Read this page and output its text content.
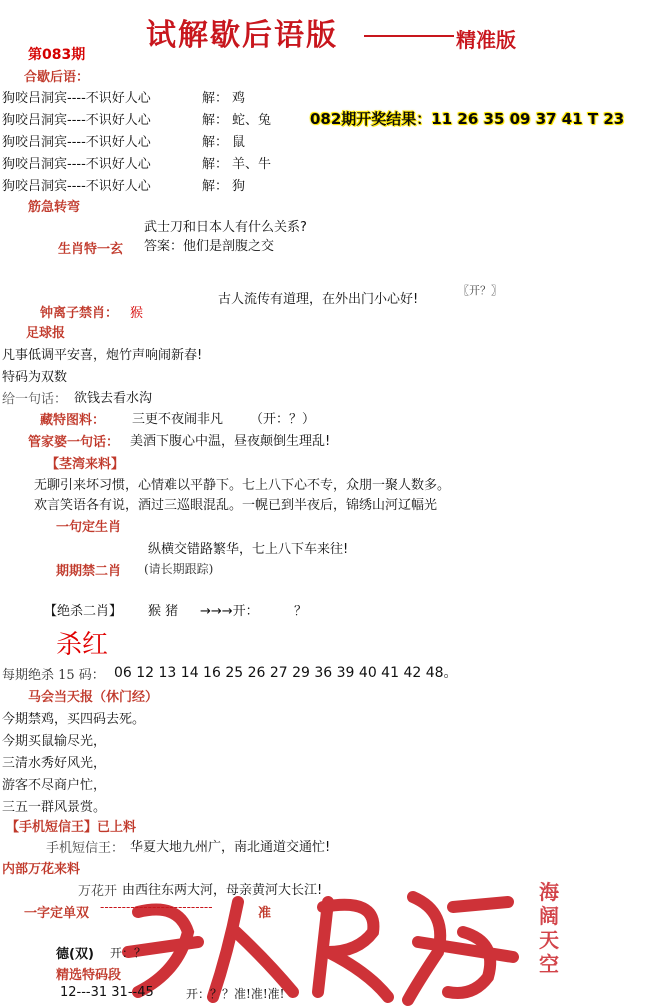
试解歇后语版	精准版
第083期
合歇后语：
狗咬吕洞宾----不识好人心	解： 鸡
狗咬吕洞宾----不识好人心	解： 蛇、兔
狗咬吕洞宾----不识好人心	解： 鼠
狗咬吕洞宾----不识好人心	解： 羊、牛
狗咬吕洞宾----不识好人心	解： 狗
082期开奖结果：11 26 35 09 37 41 T 23
筋急转弯
武士刀和日本人有什么关系?
生肖特一玄 答案：他们是剖腹之交
古人流传有道理，在外出门小心好!
〖开？〗
钟离子禁肖： 猴
足球报
凡事低调平安喜，炮竹声响闹新春!
特码为双数
给一句话： 欲钱去看水沟
藏特图料： 三更不夜闹非凡 （开：？）
管家婆一句话： 美酒下腹心中温，昼夜颠倒生理乱!
【茎湾来料】
无聊引来坏习惯，心情难以平静下。七上八下心不专，众朋一聚人数多。
欢言笑语各有说，酒过三巡眼混乱。一幌已到半夜后，锦绣山河辽幅光
一句定生肖
纵横交错路繁华，七上八下车来往!
期期禁二肖 (请长期跟踪)
【绝杀二肖】 猴 猪 →→→开：	？
杀红
每期绝杀 15 码： 06 12 13 14 16 25 26 27 29 36 39 40 41 42 48。
马会当天报（休门经）
今期禁鸡，买四码去死。
今期买鼠输尽光，
三清水秀好风光，
游客不尽商户忙，
三五一群风景赏。
【手机短信王】已上料
手机短信王： 华夏大地九州广，南北通道交通忙!
内部万花来料
万花开 由西往东两大河，母亲黄河大长江!
一字定单双 --------------------------	准
海阔天空
德(双) 开：？
精选特码段
12---31 31--45	开：？？准!准!准!
